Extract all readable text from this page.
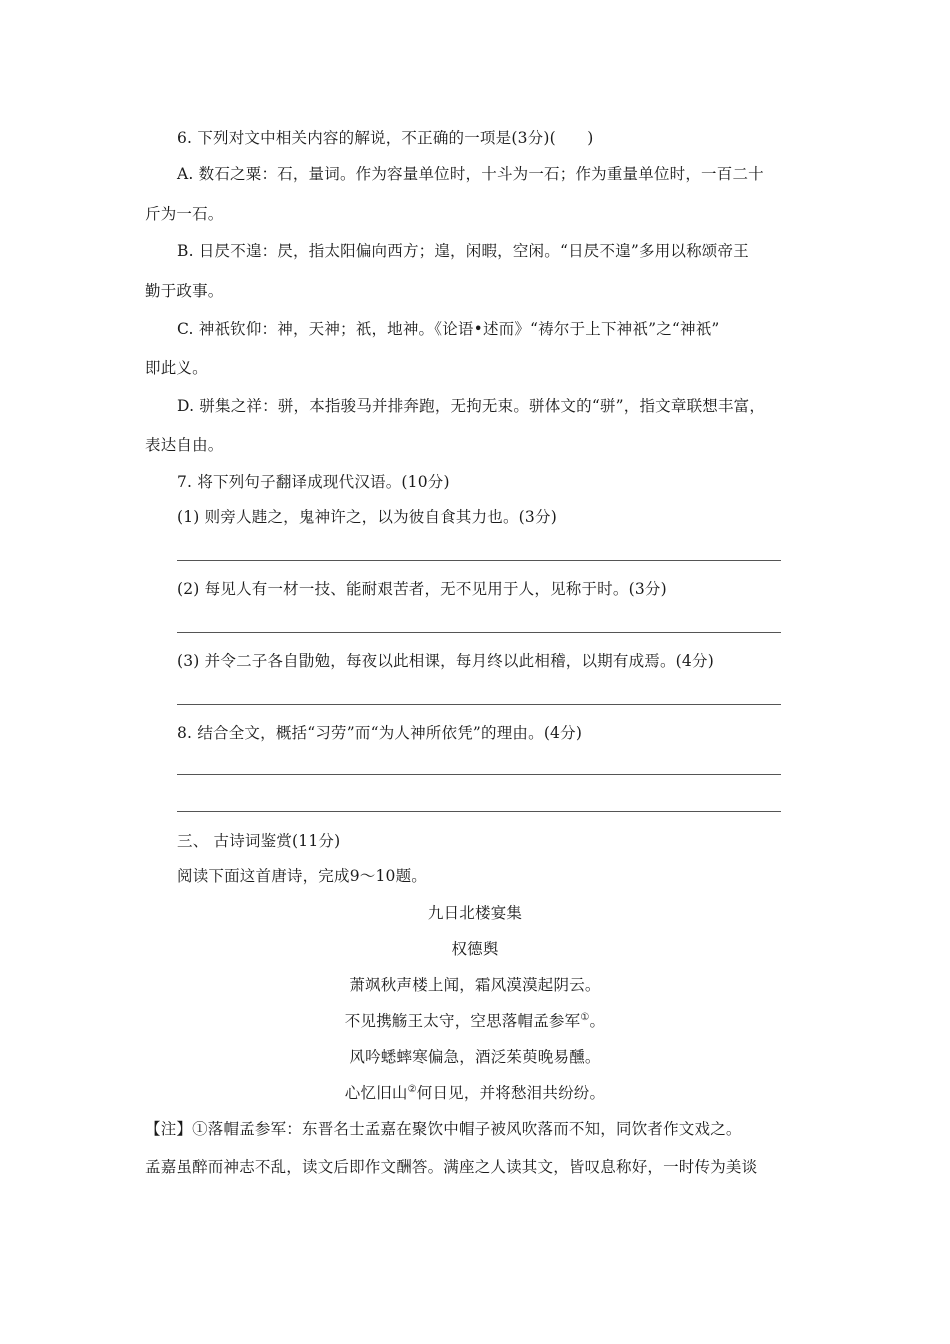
6. 下列对文中相关内容的解说，不正确的一项是(3分)(　　)
A. 数石之粟：石，量词。作为容量单位时，十斗为一石；作为重量单位时，一百二十
斤为一石。
B. 日昃不遑：昃，指太阳偏向西方；遑，闲暇，空闲。“日昃不遑”多用以称颂帝王
勤于政事。
C. 神祇钦仰：神，天神；祇，地神。《论语•述而》“祷尔于上下神祇”之“神祇”
即此义。
D. 骈集之祥：骈，本指骏马并排奔跑，无拘无束。骈体文的“骈”，指文章联想丰富，
表达自由。
7. 将下列句子翻译成现代汉语。(10分)
(1) 则旁人韪之，鬼神许之，以为彼自食其力也。(3分)
(2) 每见人有一材一技、能耐艰苦者，无不见用于人，见称于时。(3分)
(3) 并令二子各自勖勉，每夜以此相课，每月终以此相稽，以期有成焉。(4分)
8. 结合全文，概括“习劳”而“为人神所依凭”的理由。(4分)
三、 古诗词鉴赏(11分)
阅读下面这首唐诗，完成9～10题。
九日北楼宴集
权德舆
萧飒秋声楼上闻，霜风漠漠起阴云。
不见携觞王太守，空思落帽孟参军①。
风吟蟋蟀寒偏急，酒泛茱萸晚易醺。
心忆旧山②何日见，并将愁泪共纷纷。
【注】①落帽孟参军：东晋名士孟嘉在聚饮中帽子被风吹落而不知，同饮者作文戏之。
孟嘉虽醉而神志不乱，读文后即作文酬答。满座之人读其文，皆叹息称好，一时传为美谈
